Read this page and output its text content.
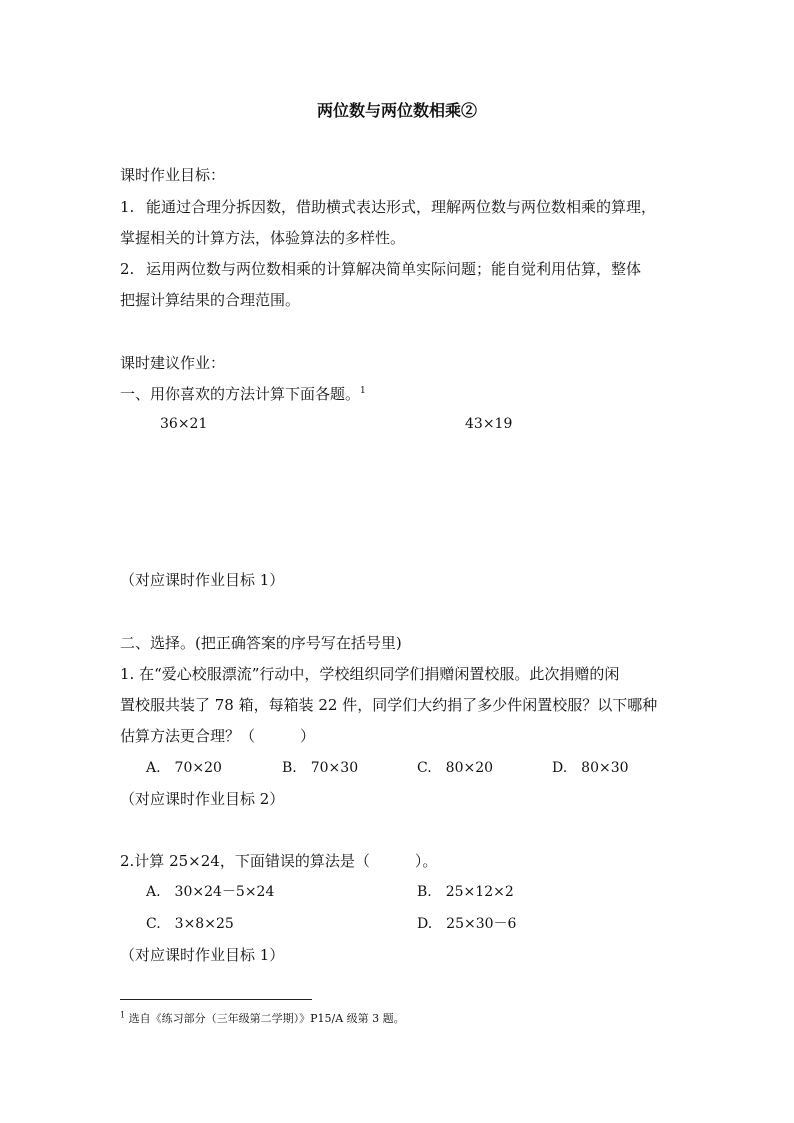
两位数与两位数相乘②
课时作业目标：
1. 能通过合理分拆因数，借助横式表达形式，理解两位数与两位数相乘的算理，
掌握相关的计算方法，体验算法的多样性。
2. 运用两位数与两位数相乘的计算解决简单实际问题；能自觉利用估算，整体
把握计算结果的合理范围。
课时建议作业：
一、用你喜欢的方法计算下面各题。$^1$
36×21	43×19
（对应课时作业目标 1）
二、选择。(把正确答案的序号写在括号里)
1. 在“爱心校服漂流”行动中，学校组织同学们捐赠闲置校服。此次捐赠的闲
置校服共装了 78 箱，每箱装 22 件，同学们大约捐了多少件闲置校服？以下哪种
估算方法更合理？（　　　）
A.　70×20	B.　70×30	C.　80×20	D.　80×30
（对应课时作业目标 2）
2.计算 25×24，下面错误的算法是（　　　）。
A.　30×24－5×24	B.　25×12×2
C.　3×8×25	D.　25×30－6
（对应课时作业目标 1）
$^1$ 选自《练习部分（三年级第二学期）》P15/A 级第 3 题。
